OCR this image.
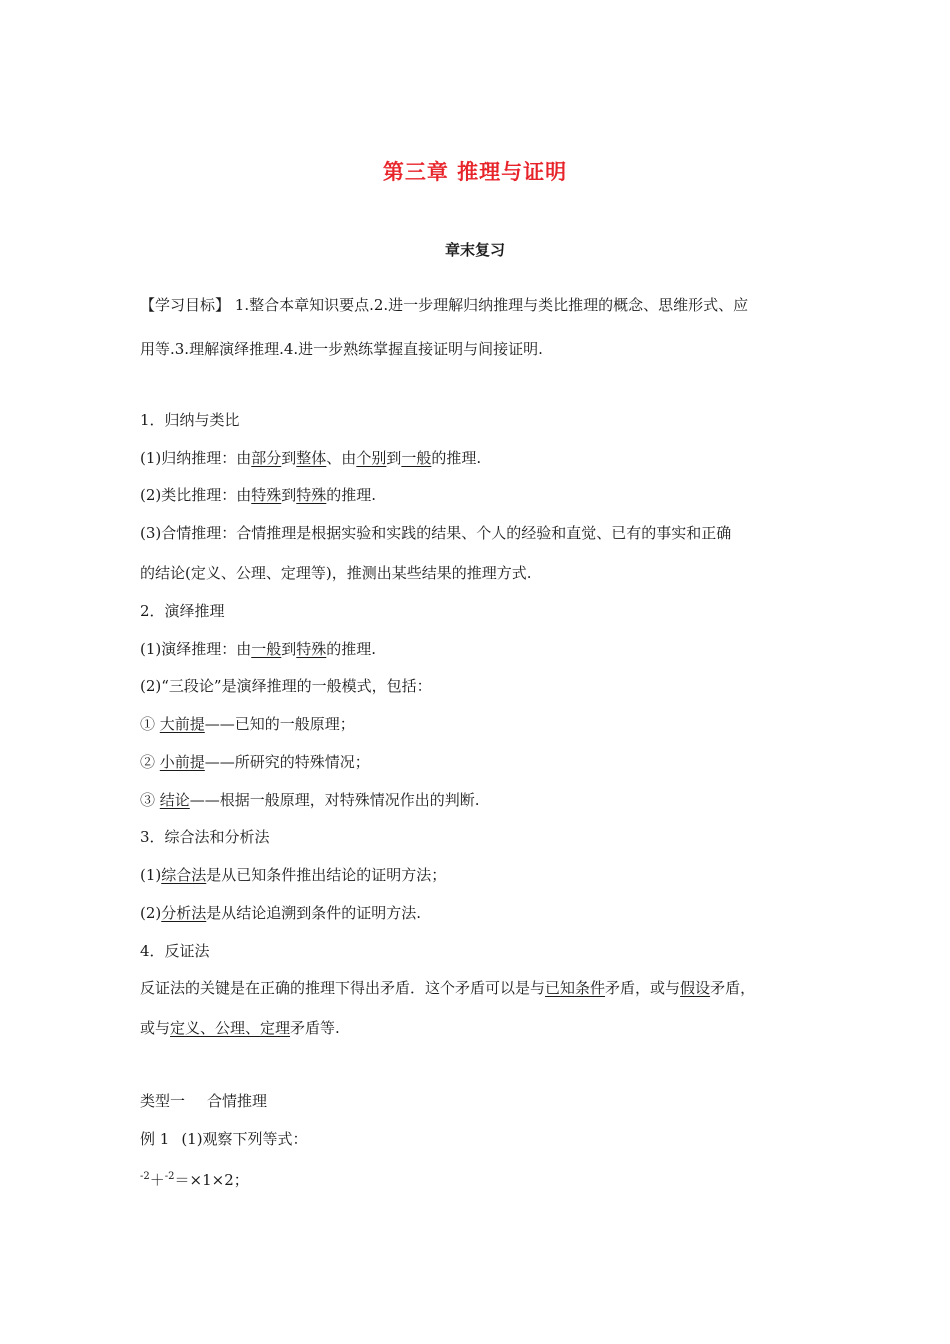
第三章 推理与证明
章末复习
【学习目标】 1.整合本章知识要点.2.进一步理解归纳推理与类比推理的概念、思维形式、应
用等.3.理解演绎推理.4.进一步熟练掌握直接证明与间接证明.
1．归纳与类比
(1)归纳推理：由部分到整体、由个别到一般的推理.
(2)类比推理：由特殊到特殊的推理.
(3)合情推理：合情推理是根据实验和实践的结果、个人的经验和直觉、已有的事实和正确
的结论(定义、公理、定理等)，推测出某些结果的推理方式.
2．演绎推理
(1)演绎推理：由一般到特殊的推理.
(2)“三段论”是演绎推理的一般模式，包括：
① 大前提——已知的一般原理；
② 小前提——所研究的特殊情况；
③ 结论——根据一般原理，对特殊情况作出的判断.
3．综合法和分析法
(1)综合法是从已知条件推出结论的证明方法；
(2)分析法是从结论追溯到条件的证明方法.
4．反证法
反证法的关键是在正确的推理下得出矛盾．这个矛盾可以是与已知条件矛盾，或与假设矛盾，
或与定义、公理、定理矛盾等.
类型一 合情推理
例 1 (1)观察下列等式：
$^{-2}$＋$^{-2}$＝×1×2；
